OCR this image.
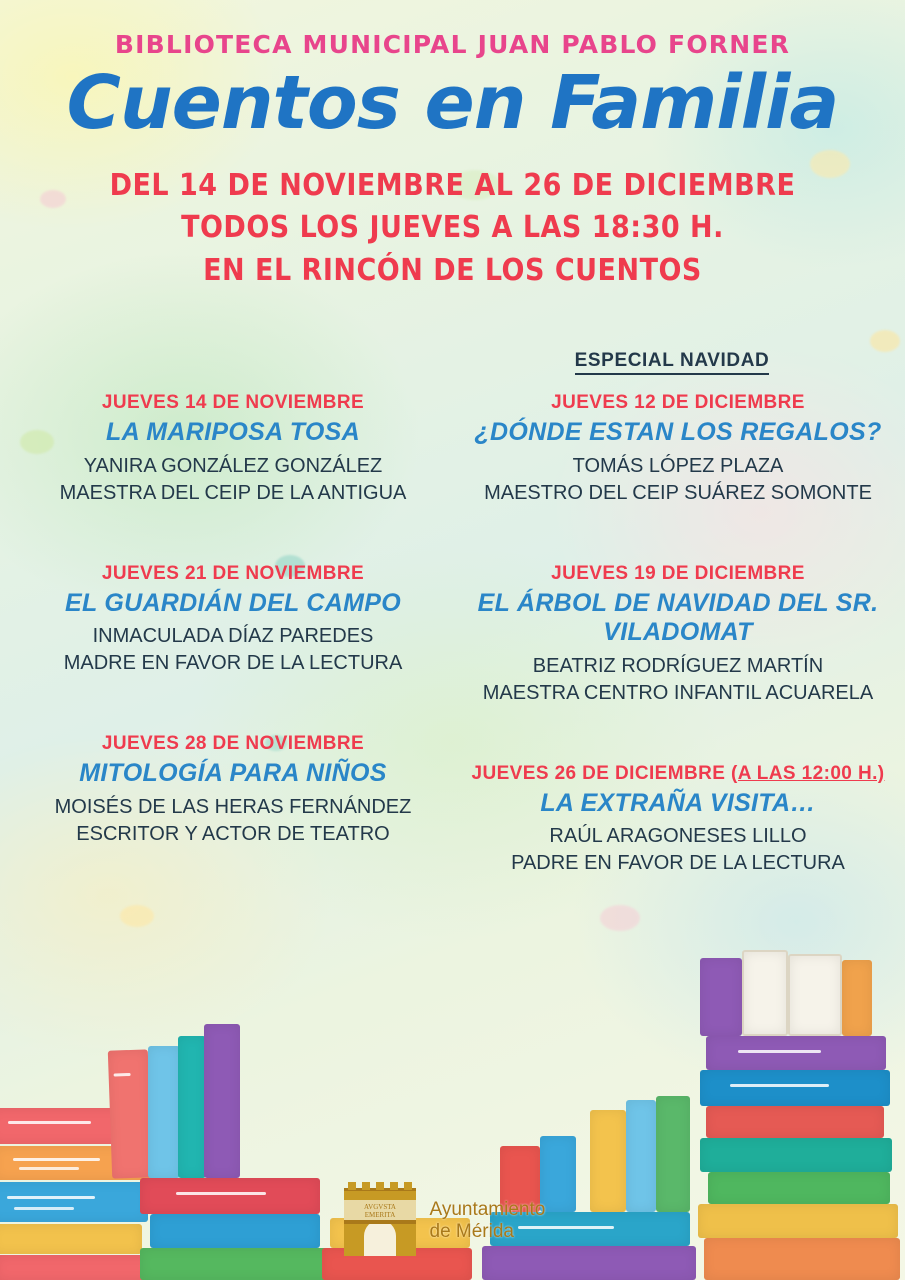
BIBLIOTECA MUNICIPAL JUAN PABLO FORNER
Cuentos en Familia
DEL 14 DE NOVIEMBRE AL 26 DE DICIEMBRE
TODOS LOS JUEVES A LAS 18:30 H.
EN EL RINCÓN DE LOS CUENTOS
ESPECIAL NAVIDAD
JUEVES 14 DE NOVIEMBRE
LA MARIPOSA TOSA
YANIRA GONZÁLEZ GONZÁLEZ
MAESTRA DEL CEIP DE LA ANTIGUA
JUEVES 21 DE NOVIEMBRE
EL GUARDIÁN DEL CAMPO
INMACULADA DÍAZ PAREDES
MADRE EN FAVOR DE LA LECTURA
JUEVES 28 DE NOVIEMBRE
MITOLOGÍA PARA NIÑOS
MOISÉS DE LAS HERAS FERNÁNDEZ
ESCRITOR Y ACTOR DE TEATRO
JUEVES 12 DE DICIEMBRE
¿DÓNDE ESTAN LOS REGALOS?
TOMÁS LÓPEZ PLAZA
MAESTRO DEL CEIP SUÁREZ SOMONTE
JUEVES 19 DE DICIEMBRE
EL ÁRBOL DE NAVIDAD DEL SR. VILADOMAT
BEATRIZ RODRÍGUEZ MARTÍN
MAESTRA CENTRO INFANTIL ACUARELA
JUEVES 26 DE DICIEMBRE (A LAS 12:00 H.)
LA EXTRAÑA VISITA…
RAÚL ARAGONESES LILLO
PADRE EN FAVOR DE LA LECTURA
AVGVSTA
EMERITA Ayuntamiento
de Mérida
